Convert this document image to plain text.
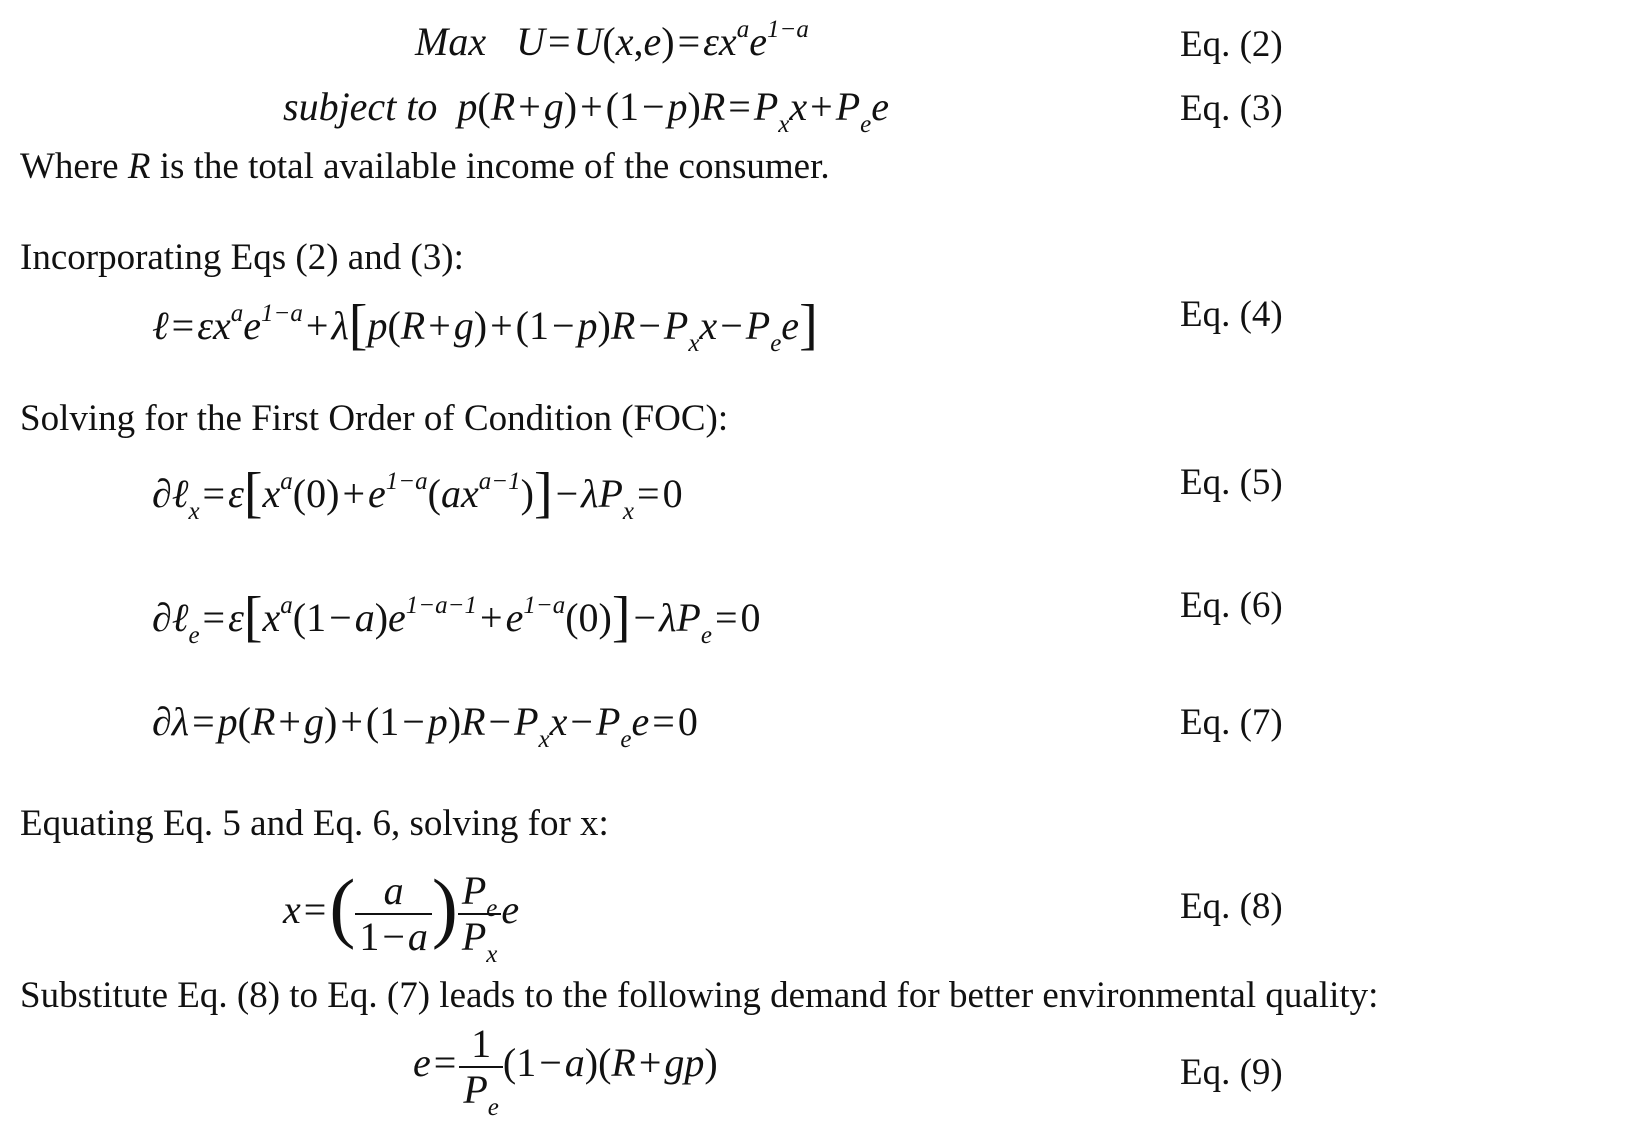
Max $U=U(x,e)=\varepsilon x^ae^{1-a}$	Eq. (2)
subject to $p(R+g)+(1-p)R=P_xx+P_ee$	Eq. (3)
Where R is the total available income of the consumer.
Incorporating Eqs (2) and (3):
$\ell=\varepsilon x^ae^{1-a}+\lambda[p(R+g)+(1-p)R-P_xx-P_ee]$	Eq. (4)
Solving for the First Order of Condition (FOC):
$\partial\ell_x=\varepsilon[x^a(0)+e^{1-a}(ax^{a-1})]-\lambda P_x=0$	Eq. (5)
$\partial\ell_e=\varepsilon[x^a(1-a)e^{1-a-1}+e^{1-a}(0)]-\lambda P_e=0$	Eq. (6)
$\partial\lambda=p(R+g)+(1-p)R-P_xx-P_ee=0$	Eq. (7)
Equating Eq. 5 and Eq. 6, solving for x:
$x=( \frac{a}{1-a}$ ) $\frac{P_e}{P_x}$ e	Eq. (8)
Substitute Eq. (8) to Eq. (7) leads to the following demand for better environmental quality:
$e= \frac{1}{P_e} (1-a)(R+gp)$	Eq. (9)
